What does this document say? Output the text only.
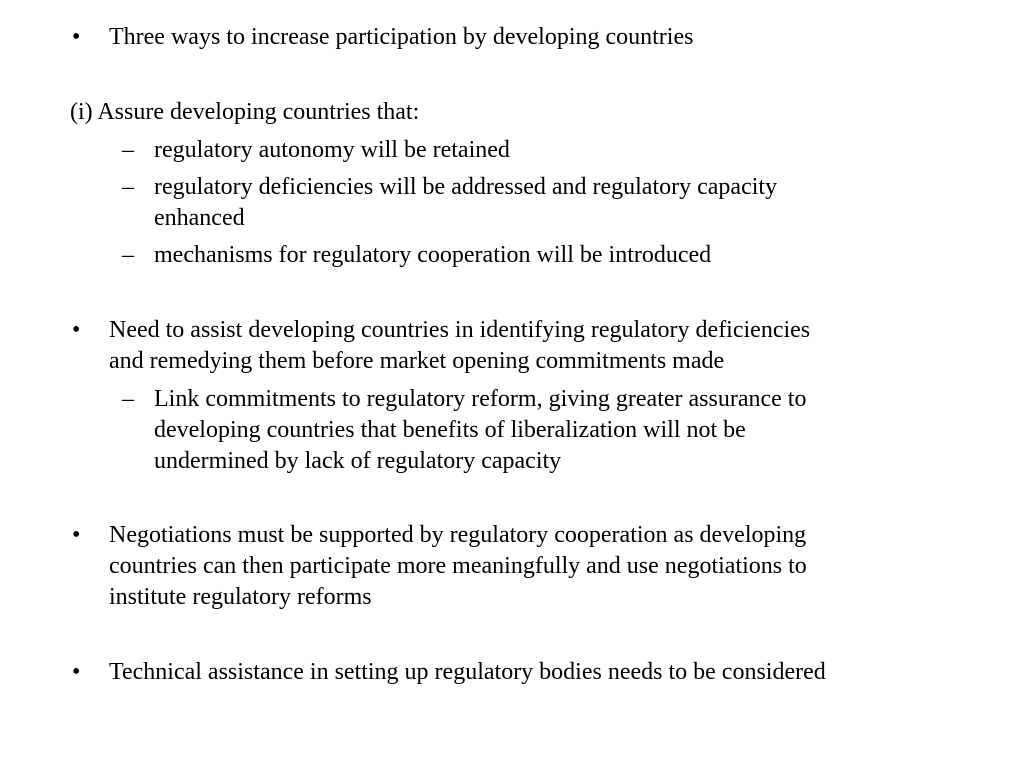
• Three ways to increase participation by developing countries
(i) Assure developing countries that:
– regulatory autonomy will be retained
– regulatory deficiencies will be addressed and regulatory capacity
enhanced
– mechanisms for regulatory cooperation will be introduced
• Need to assist developing countries in identifying regulatory deficiencies
and remedying them before market opening commitments made
– Link commitments to regulatory reform, giving greater assurance to
developing countries that benefits of liberalization will not be
undermined by lack of regulatory capacity
• Negotiations must be supported by regulatory cooperation as developing
countries can then participate more meaningfully and use negotiations to
institute regulatory reforms
• Technical assistance in setting up regulatory bodies needs to be considered
